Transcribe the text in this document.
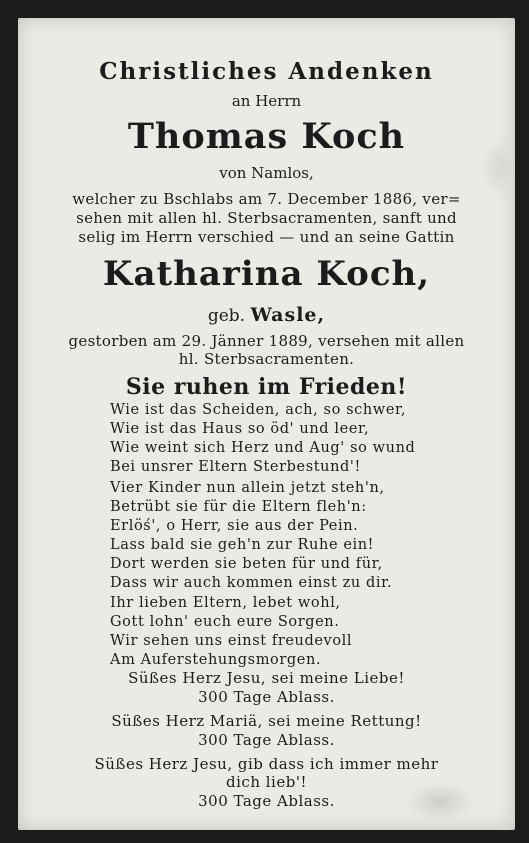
Christliches Andenken
an Herrn
Thomas Koch
von Namlos,
welcher zu Bschlabs am 7. December 1886, ver=
sehen mit allen hl. Sterbsacramenten, sanft und
selig im Herrn verschied — und an seine Gattin
Katharina Koch,
geb. Wasle,
gestorben am 29. Jänner 1889, versehen mit allen
hl. Sterbsacramenten.
Sie ruhen im Frieden!
Wie ist das Scheiden, ach, so schwer,
Wie ist das Haus so öd' und leer,
Wie weint sich Herz und Aug' so wund
Bei unsrer Eltern Sterbestund'!
Vier Kinder nun allein jetzt steh'n,
Betrübt sie für die Eltern fleh'n:
Erlöś', o Herr, sie aus der Pein.
Lass bald sie geh'n zur Ruhe ein!
Dort werden sie beten für und für,
Dass wir auch kommen einst zu dir.
Ihr lieben Eltern, lebet wohl,
Gott lohn' euch eure Sorgen.
Wir sehen uns einst freudevoll
Am Auferstehungsmorgen.
Süßes Herz Jesu, sei meine Liebe!
300 Tage Ablass.
Süßes Herz Mariä, sei meine Rettung!
300 Tage Ablass.
Süßes Herz Jesu, gib dass ich immer mehr
dich lieb'!
300 Tage Ablass.
